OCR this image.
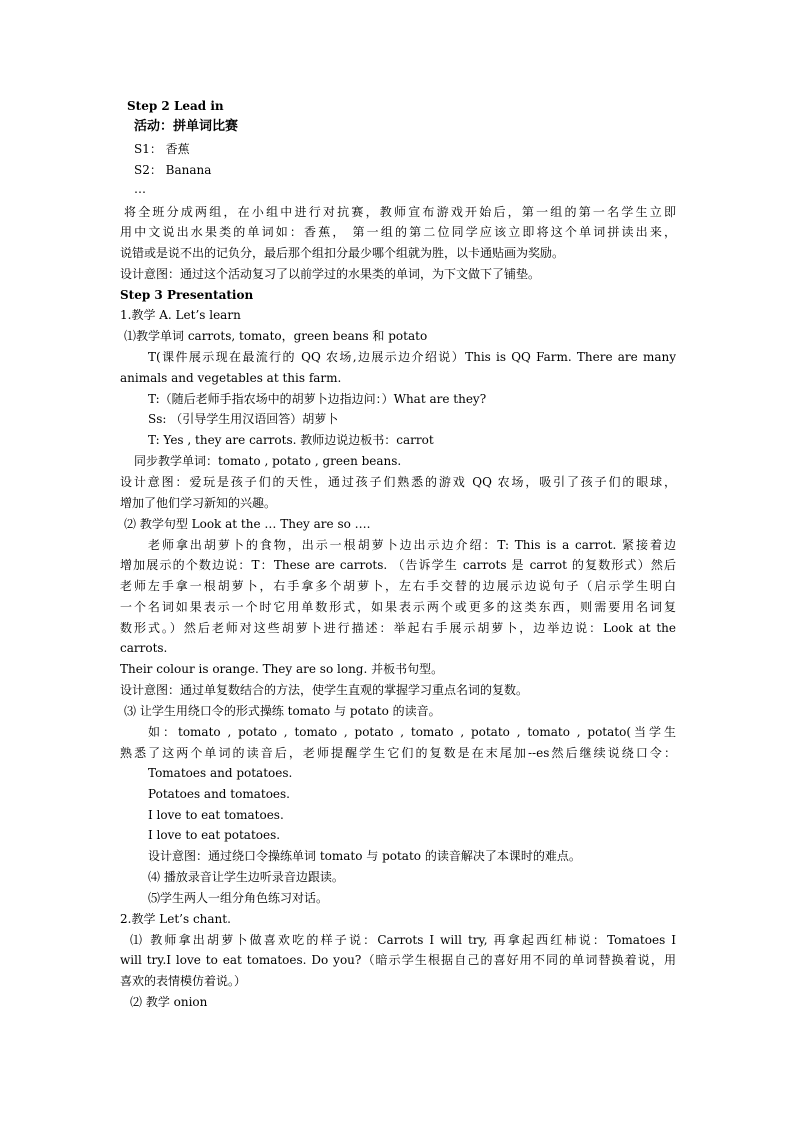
Step 2 Lead in
活动：拼单词比赛
S1： 香蕉
S2： Banana
…
将全班分成两组，在小组中进行对抗赛，教师宣布游戏开始后，第一组的第一名学生立即
用中文说出水果类的单词如：香蕉， 第一组的第二位同学应该立即将这个单词拼读出来，
说错或是说不出的记负分，最后那个组扣分最少哪个组就为胜，以卡通贴画为奖励。
设计意图：通过这个活动复习了以前学过的水果类的单词，为下文做下了铺垫。
Step 3 Presentation
1.教学 A. Let’s learn
⑴教学单词 carrots, tomato，green beans 和 potato
T(课件展示现在最流行的 QQ 农场,边展示边介绍说）This is QQ Farm. There are many
animals and vegetables at this farm.
T:（随后老师手指农场中的胡萝卜边指边问：）What are they?
Ss: （引导学生用汉语回答）胡萝卜
T: Yes , they are carrots. 教师边说边板书：carrot
同步教学单词：tomato , potato , green beans.
设计意图：爱玩是孩子们的天性，通过孩子们熟悉的游戏 QQ 农场，吸引了孩子们的眼球，
增加了他们学习新知的兴趣。
⑵ 教学句型 Look at the … They are so ….
老师拿出胡萝卜的食物，出示一根胡萝卜边出示边介绍：T: This is a carrot. 紧接着边
增加展示的个数边说：T：These are carrots. （告诉学生 carrots 是 carrot 的复数形式）然后
老师左手拿一根胡萝卜，右手拿多个胡萝卜，左右手交替的边展示边说句子（启示学生明白
一个名词如果表示一个时它用单数形式，如果表示两个或更多的这类东西，则需要用名词复
数形式。）然后老师对这些胡萝卜进行描述：举起右手展示胡萝卜，边举边说：Look at the
carrots.
Their colour is orange. They are so long. 并板书句型。
设计意图：通过单复数结合的方法，使学生直观的掌握学习重点名词的复数。
⑶ 让学生用绕口令的形式操练 tomato 与 potato 的读音。
如：tomato , potato , tomato , potato , tomato , potato , tomato , potato(当学生
熟悉了这两个单词的读音后，老师提醒学生它们的复数是在末尾加--es然后继续说绕口令：
Tomatoes and potatoes.
Potatoes and tomatoes.
I love to eat tomatoes.
I love to eat potatoes.
设计意图：通过绕口令操练单词 tomato 与 potato 的读音解决了本课时的难点。
⑷ 播放录音让学生边听录音边跟读。
⑸学生两人一组分角色练习对话。
2.教学 Let’s chant.
⑴ 教师拿出胡萝卜做喜欢吃的样子说：Carrots I will try, 再拿起西红柿说：Tomatoes I
will try.I love to eat tomatoes. Do you?（暗示学生根据自己的喜好用不同的单词替换着说，用
喜欢的表情模仿着说。）
⑵ 教学 onion
